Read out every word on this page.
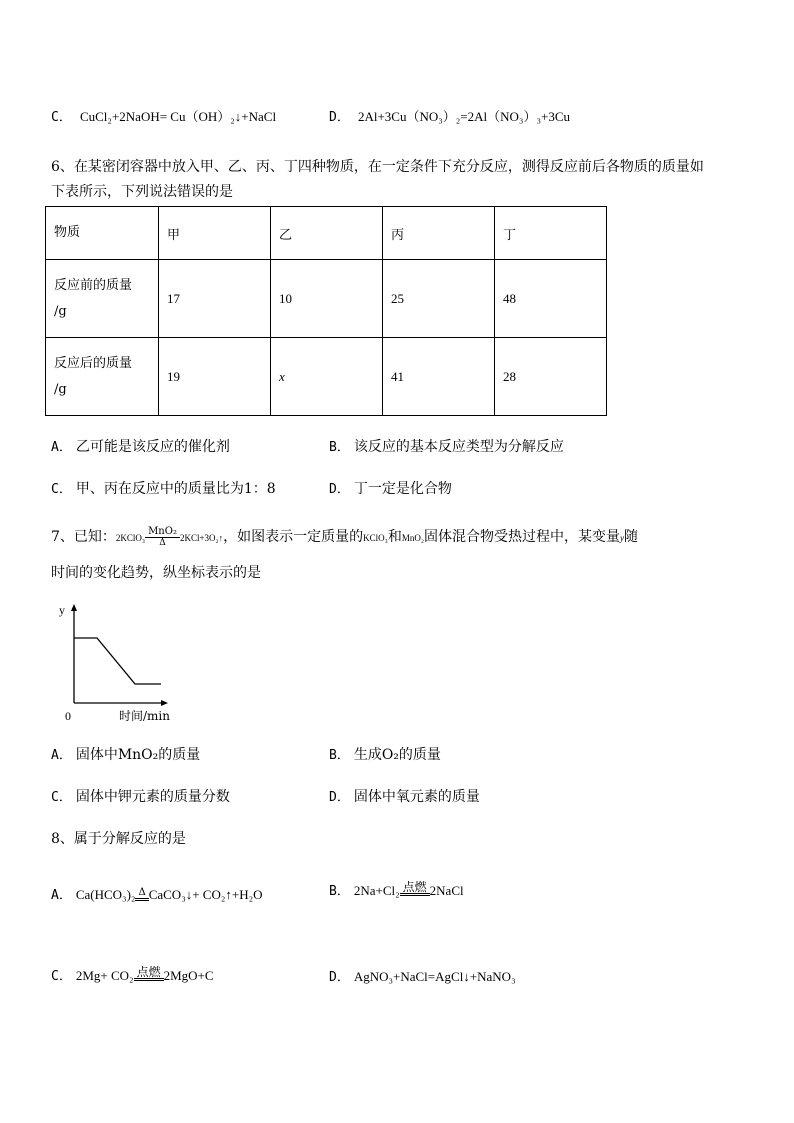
C． CuCl₂+2NaOH= Cu（OH）₂↓+NaCl	D． 2Al+3Cu（NO₃）₂=2Al（NO₃）₃+3Cu
6、在某密闭容器中放入甲、乙、丙、丁四种物质，在一定条件下充分反应，测得反应前后各物质的质量如
下表所示，下列说法错误的是
物质	甲	乙	丙	丁

反应前的质量
/g	17	10	25	48

反应后的质量
/g	19	x	41	28
A． 乙可能是该反应的催化剂	B． 该反应的基本反应类型为分解反应
C． 甲、丙在反应中的质量比为1：8	D． 丁一定是化合物
7、已知：2KClO₃
MnO₂
Δ	2KCl+3O₂↑，如图表示一定质量的KClO₃和MnO₂固体混合物受热过程中，某变量y随
时间的变化趋势，纵坐标表示的是
y
0	时间/min
A． 固体中MnO₂的质量	B． 生成O₂的质量
C． 固体中钾元素的质量分数	D． 固体中氧元素的质量
8、属于分解反应的是
A． Ca(HCO₃)₂ Δ CaCO₃↓+ CO₂↑+H₂O	B． 2Na+Cl₂ 点燃 2NaCl
C． 2Mg+ CO₂ 点燃 2MgO+C	D． AgNO₃+NaCl=AgCl↓+NaNO₃
